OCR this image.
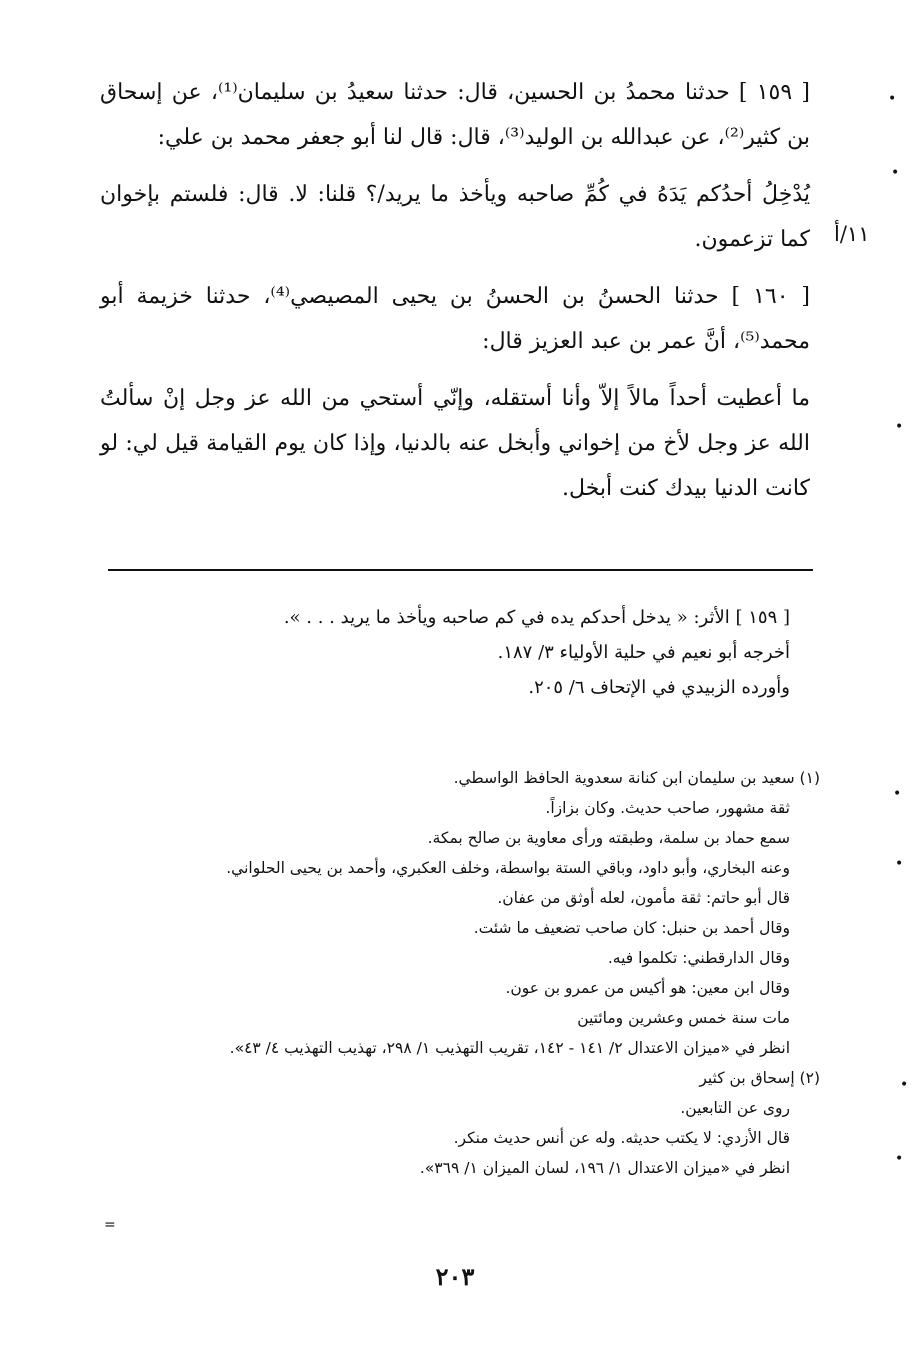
١١/أ
•
•
•
•
•
•
•
=

[ ١٥٩ ] حدثنا محمدُ بن الحسين، قال: حدثنا سعيدُ بن سليمان⁽¹⁾، عن إسحاق بن كثير⁽²⁾، عن عبدالله بن الوليد⁽³⁾، قال: قال لنا أبو جعفر محمد بن علي:

يُدْخِلُ أحدُكم يَدَهُ في كُمِّ صاحبه ويأخذ ما يريد/؟ قلنا: لا. قال: فلستم بإخوان كما تزعمون.

[ ١٦٠ ] حدثنا الحسنُ بن الحسنُ بن يحيى المصيصي⁽⁴⁾، حدثنا خزيمة أبو محمد⁽⁵⁾، أنَّ عمر بن عبد العزيز قال:

ما أعطيت أحداً مالاً إلاّ وأنا أستقله، وإنّي أستحي من الله عز وجل إنْ سألتُ الله عز وجل لأخ من إخواني وأبخل عنه بالدنيا، وإذا كان يوم القيامة قيل لي: لو كانت الدنيا بيدك كنت أبخل.

[ ١٥٩ ] الأثر: « يدخل أحدكم يده في كم صاحبه ويأخذ ما يريد . . . ».
أخرجه أبو نعيم في حلية الأولياء ٣/ ١٨٧.
وأورده الزبيدي في الإتحاف ٦/ ٢٠٥.
(١) سعيد بن سليمان ابن كنانة سعدوية الحافظ الواسطي.
ثقة مشهور، صاحب حديث. وكان بزازاً.
سمع حماد بن سلمة، وطبقته ورأى معاوية بن صالح بمكة.
وعنه البخاري، وأبو داود، وباقي الستة بواسطة، وخلف العكبري، وأحمد بن يحيى الحلواني.
قال أبو حاتم: ثقة مأمون، لعله أوثق من عفان.
وقال أحمد بن حنبل: كان صاحب تضعيف ما شئت.
وقال الدارقطني: تكلموا فيه.
وقال ابن معين: هو أكيس من عمرو بن عون.
مات سنة خمس وعشرين ومائتين
انظر في «ميزان الاعتدال ٢/ ١٤١ - ١٤٢، تقريب التهذيب ١/ ٢٩٨، تهذيب التهذيب ٤/ ٤٣».
(٢) إسحاق بن كثير
روى عن التابعين.
قال الأزدي: لا يكتب حديثه. وله عن أنس حديث منكر.
انظر في «ميزان الاعتدال ١/ ١٩٦، لسان الميزان ١/ ٣٦٩».
٢٠٣
